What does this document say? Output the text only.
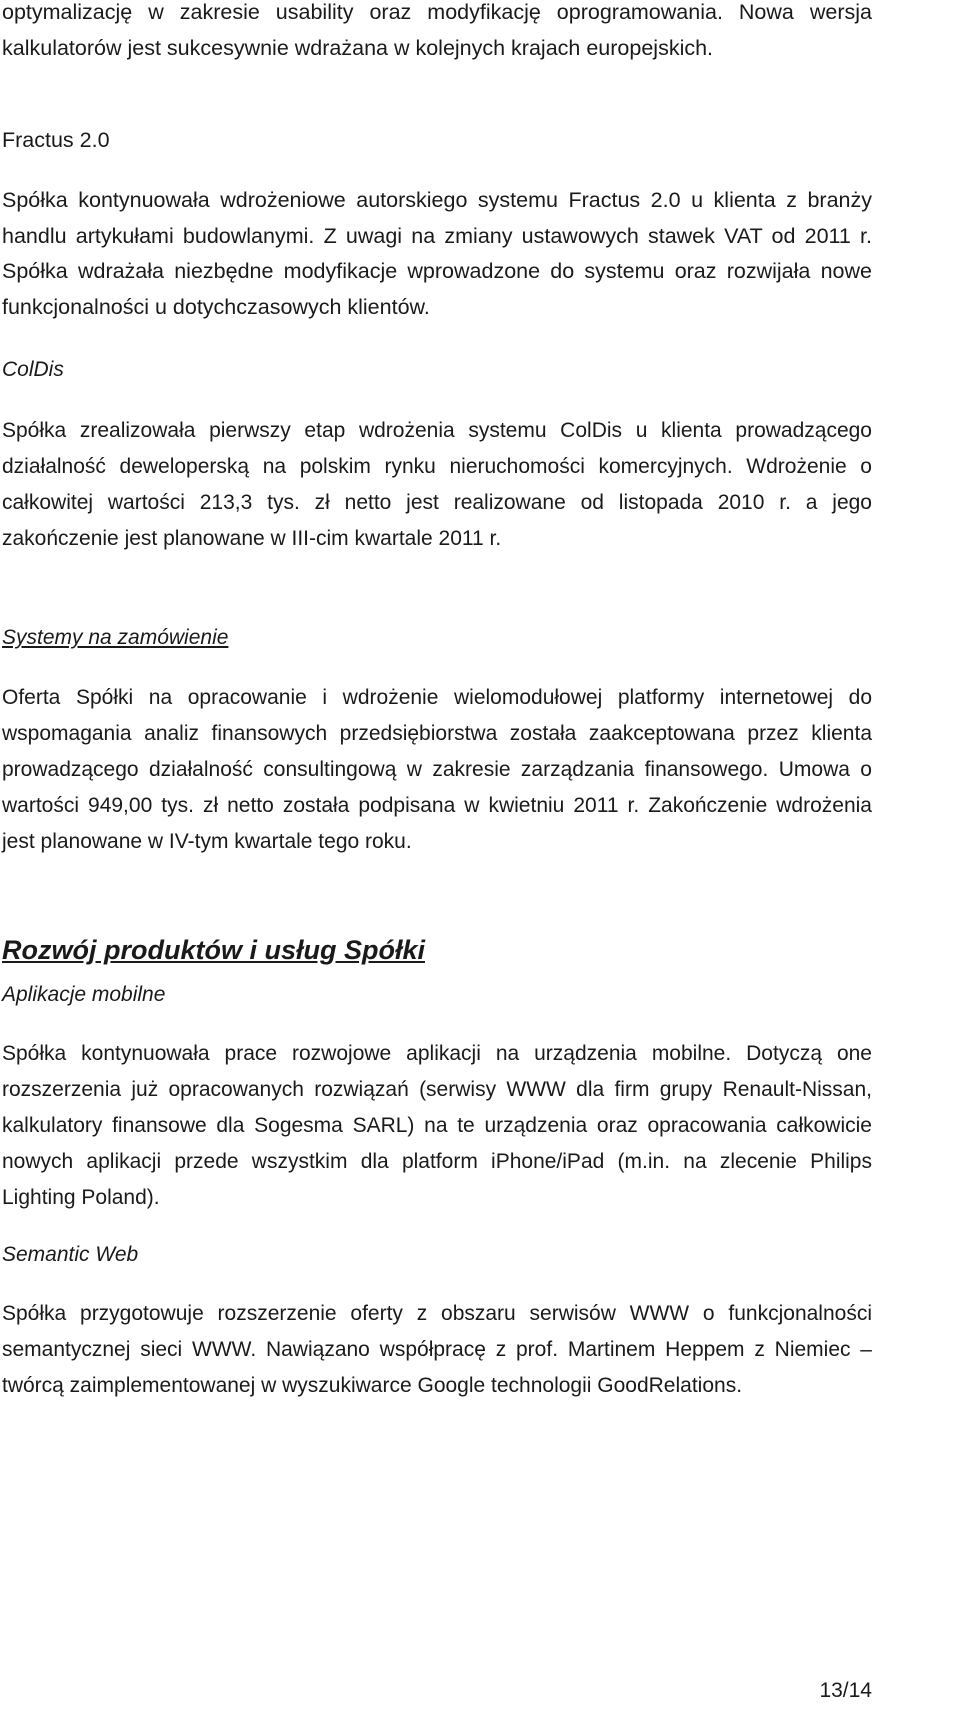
optymalizację w zakresie usability oraz modyfikację oprogramowania. Nowa wersja kalkulatorów jest sukcesywnie wdrażana w kolejnych krajach europejskich.

Fractus 2.0

Spółka kontynuowała wdrożeniowe autorskiego systemu Fractus 2.0 u klienta z branży handlu artykułami budowlanymi. Z uwagi na zmiany ustawowych stawek VAT od 2011 r. Spółka wdrażała niezbędne modyfikacje wprowadzone do systemu oraz rozwijała nowe funkcjonalności u dotychczasowych klientów.

ColDis

Spółka zrealizowała pierwszy etap wdrożenia systemu ColDis u klienta prowadzącego działalność deweloperską na polskim rynku nieruchomości komercyjnych. Wdrożenie o całkowitej wartości 213,3 tys. zł netto jest realizowane od listopada 2010 r. a jego zakończenie jest planowane w III-cim kwartale 2011 r.

Systemy na zamówienie

Oferta Spółki na opracowanie i wdrożenie wielomodułowej platformy internetowej do wspomagania analiz finansowych przedsiębiorstwa została zaakceptowana przez klienta prowadzącego działalność consultingową w zakresie zarządzania finansowego. Umowa o wartości 949,00 tys. zł netto została podpisana w kwietniu 2011 r. Zakończenie wdrożenia jest planowane w IV-tym kwartale tego roku.

Rozwój produktów i usług Spółki

Aplikacje mobilne

Spółka kontynuowała prace rozwojowe aplikacji na urządzenia mobilne. Dotyczą one rozszerzenia już opracowanych rozwiązań (serwisy WWW dla firm grupy Renault-Nissan, kalkulatory finansowe dla Sogesma SARL) na te urządzenia oraz opracowania całkowicie nowych aplikacji przede wszystkim dla platform iPhone/iPad (m.in. na zlecenie Philips Lighting Poland).

Semantic Web

Spółka przygotowuje rozszerzenie oferty z obszaru serwisów WWW o funkcjonalności semantycznej sieci WWW. Nawiązano współpracę z prof. Martinem Heppem z Niemiec – twórcą zaimplementowanej w wyszukiwarce Google technologii GoodRelations.

13/14
